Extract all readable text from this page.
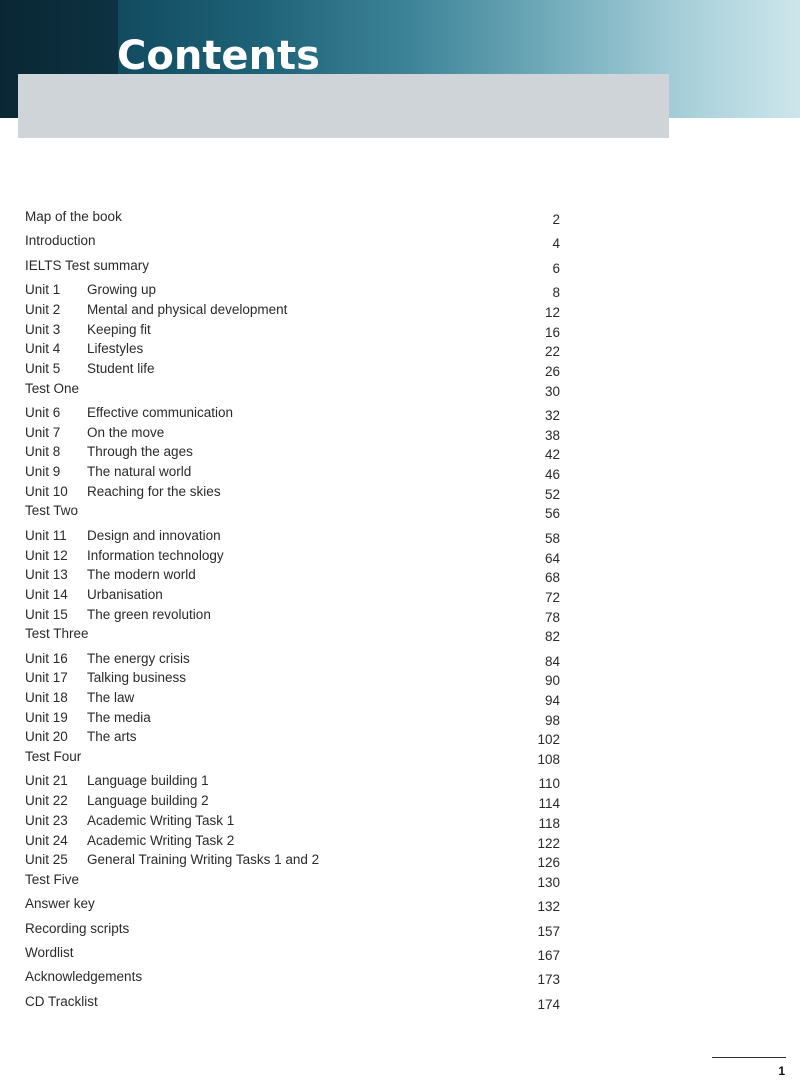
Contents
Map of the book	2
Introduction	4
IELTS Test summary	6
Unit 1 Growing up	8
Unit 2 Mental and physical development	12
Unit 3 Keeping fit	16
Unit 4 Lifestyles	22
Unit 5 Student life	26
Test One	30
Unit 6 Effective communication	32
Unit 7 On the move	38
Unit 8 Through the ages	42
Unit 9 The natural world	46
Unit 10 Reaching for the skies	52
Test Two	56
Unit 11 Design and innovation	58
Unit 12 Information technology	64
Unit 13 The modern world	68
Unit 14 Urbanisation	72
Unit 15 The green revolution	78
Test Three	82
Unit 16 The energy crisis	84
Unit 17 Talking business	90
Unit 18 The law	94
Unit 19 The media	98
Unit 20 The arts	102
Test Four	108
Unit 21 Language building 1	110
Unit 22 Language building 2	114
Unit 23 Academic Writing Task 1	118
Unit 24 Academic Writing Task 2	122
Unit 25 General Training Writing Tasks 1 and 2	126
Test Five	130
Answer key	132
Recording scripts	157
Wordlist	167
Acknowledgements	173
CD Tracklist	174
1
